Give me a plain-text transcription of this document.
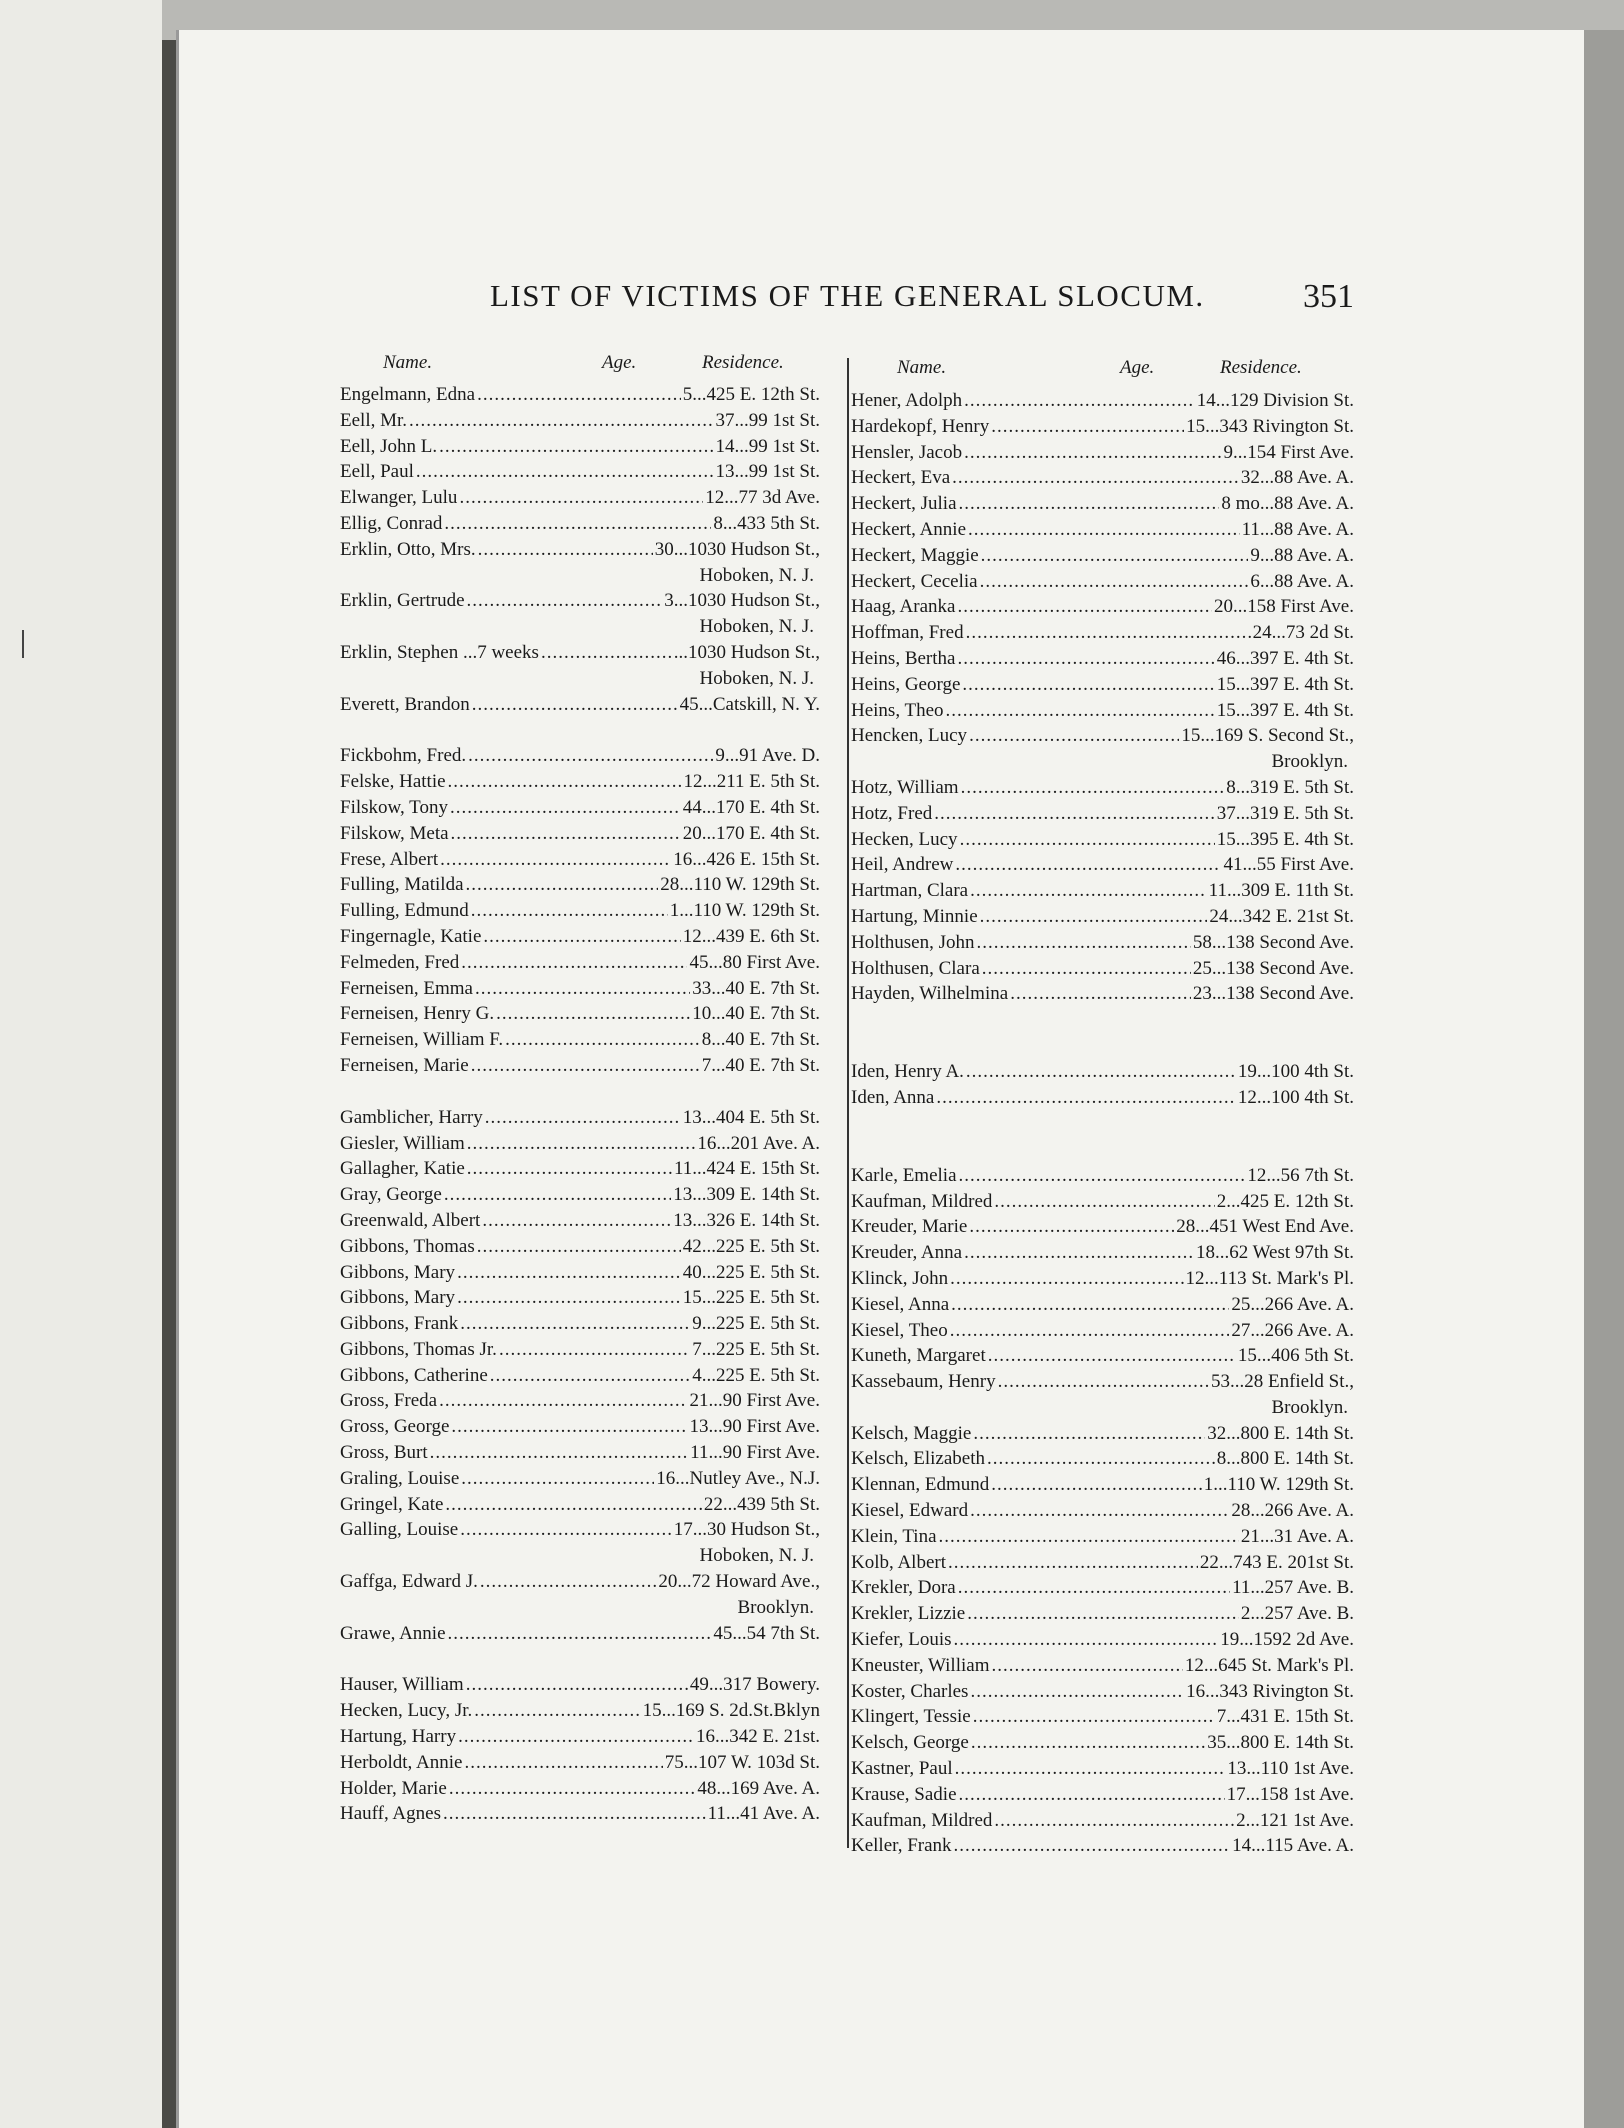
LIST OF VICTIMS OF THE GENERAL SLOCUM.	351
Name.	Age.	Residence.	Name.	Age.	Residence.
Engelmann, Edna .....	5 ... 425 E. 12th St.
Eell, Mr. .....	37 ... 99 1st St.
Eell, John L. .....	14 ... 99 1st St.
Eell, Paul .....	13 ... 99 1st St.
Elwanger, Lulu .....	12 ... 77 3d Ave.
Ellig, Conrad .....	8 ... 433 5th St.
Erklin, Otto, Mrs. .....	30 ... 1030 Hudson St.,
Hoboken, N. J.
Erklin, Gertrude .....	3 ... 1030 Hudson St.,
Hoboken, N. J.
Erklin, Stephen ...7 weeks .....	... 1030 Hudson St.,
Hoboken, N. J.
Everett, Brandon .....	45 ... Catskill, N. Y.
Fickbohm, Fred. .....	9 ... 91 Ave. D.
Felske, Hattie .....	12 ... 211 E. 5th St.
Filskow, Tony .....	44 ... 170 E. 4th St.
Filskow, Meta .....	20 ... 170 E. 4th St.
Frese, Albert .....	16 ... 426 E. 15th St.
Fulling, Matilda .....	28 ... 110 W. 129th St.
Fulling, Edmund .....	1 ... 110 W. 129th St.
Fingernagle, Katie .....	12 ... 439 E. 6th St.
Felmeden, Fred .....	45 ... 80 First Ave.
Ferneisen, Emma .....	33 ... 40 E. 7th St.
Ferneisen, Henry G. .....	10 ... 40 E. 7th St.
Ferneisen, William F. .....	8 ... 40 E. 7th St.
Ferneisen, Marie .....	7 ... 40 E. 7th St.
Gamblicher, Harry .....	13 ... 404 E. 5th St.
Giesler, William .....	16 ... 201 Ave. A.
Gallagher, Katie .....	11 ... 424 E. 15th St.
Gray, George .....	13 ... 309 E. 14th St.
Greenwald, Albert .....	13 ... 326 E. 14th St.
Gibbons, Thomas .....	42 ... 225 E. 5th St.
Gibbons, Mary .....	40 ... 225 E. 5th St.
Gibbons, Mary .....	15 ... 225 E. 5th St.
Gibbons, Frank .....	9 ... 225 E. 5th St.
Gibbons, Thomas Jr. .....	7 ... 225 E. 5th St.
Gibbons, Catherine .....	4 ... 225 E. 5th St.
Gross, Freda .....	21 ... 90 First Ave.
Gross, George .....	13 ... 90 First Ave.
Gross, Burt .....	11 ... 90 First Ave.
Graling, Louise .....	16 ... Nutley Ave., N.J.
Gringel, Kate .....	22 ... 439 5th St.
Galling, Louise .....	17 ... 30 Hudson St.,
Hoboken, N. J.
Gaffga, Edward J. .....	20 ... 72 Howard Ave.,
Brooklyn.
Grawe, Annie .....	45 ... 54 7th St.
Hauser, William .....	49 ... 317 Bowery.
Hecken, Lucy, Jr. .....	15 ... 169 S. 2d.St.Bklyn
Hartung, Harry .....	16 ... 342 E. 21st.
Herboldt, Annie .....	75 ... 107 W. 103d St.
Holder, Marie .....	48 ... 169 Ave. A.
Hauff, Agnes .....	11 ... 41 Ave. A.
Hener, Adolph .....	14 ... 129 Division St.
Hardekopf, Henry .....	15 ... 343 Rivington St.
Hensler, Jacob .....	9 ... 154 First Ave.
Heckert, Eva .....	32 ... 88 Ave. A.
Heckert, Julia .....	8 mo ... 88 Ave. A.
Heckert, Annie .....	11 ... 88 Ave. A.
Heckert, Maggie .....	9 ... 88 Ave. A.
Heckert, Cecelia .....	6 ... 88 Ave. A.
Haag, Aranka .....	20 ... 158 First Ave.
Hoffman, Fred .....	24 ... 73 2d St.
Heins, Bertha .....	46 ... 397 E. 4th St.
Heins, George .....	15 ... 397 E. 4th St.
Heins, Theo .....	15 ... 397 E. 4th St.
Hencken, Lucy .....	15 ... 169 S. Second St.,
Brooklyn.
Hotz, William .....	8 ... 319 E. 5th St.
Hotz, Fred .....	37 ... 319 E. 5th St.
Hecken, Lucy .....	15 ... 395 E. 4th St.
Heil, Andrew .....	41 ... 55 First Ave.
Hartman, Clara .....	11 ... 309 E. 11th St.
Hartung, Minnie .....	24 ... 342 E. 21st St.
Holthusen, John .....	58 ... 138 Second Ave.
Holthusen, Clara .....	25 ... 138 Second Ave.
Hayden, Wilhelmina .....	23 ... 138 Second Ave.
Iden, Henry A. .....	19 ... 100 4th St.
Iden, Anna .....	12 ... 100 4th St.
Karle, Emelia .....	12 ... 56 7th St.
Kaufman, Mildred .....	2 ... 425 E. 12th St.
Kreuder, Marie .....	28 ... 451 West End Ave.
Kreuder, Anna .....	18 ... 62 West 97th St.
Klinck, John .....	12 ... 113 St. Mark's Pl.
Kiesel, Anna .....	25 ... 266 Ave. A.
Kiesel, Theo .....	27 ... 266 Ave. A.
Kuneth, Margaret .....	15 ... 406 5th St.
Kassebaum, Henry .....	53 ... 28 Enfield St.,
Brooklyn.
Kelsch, Maggie .....	32 ... 800 E. 14th St.
Kelsch, Elizabeth .....	8 ... 800 E. 14th St.
Klennan, Edmund .....	1 ... 110 W. 129th St.
Kiesel, Edward .....	28 ... 266 Ave. A.
Klein, Tina .....	21 ... 31 Ave. A.
Kolb, Albert .....	22 ... 743 E. 201st St.
Krekler, Dora .....	11 ... 257 Ave. B.
Krekler, Lizzie .....	2 ... 257 Ave. B.
Kiefer, Louis .....	19 ... 1592 2d Ave.
Kneuster, William .....	12 ... 645 St. Mark's Pl.
Koster, Charles .....	16 ... 343 Rivington St.
Klingert, Tessie .....	7 ... 431 E. 15th St.
Kelsch, George .....	35 ... 800 E. 14th St.
Kastner, Paul .....	13 ... 110 1st Ave.
Krause, Sadie .....	17 ... 158 1st Ave.
Kaufman, Mildred .....	2 ... 121 1st Ave.
Keller, Frank .....	14 ... 115 Ave. A.
